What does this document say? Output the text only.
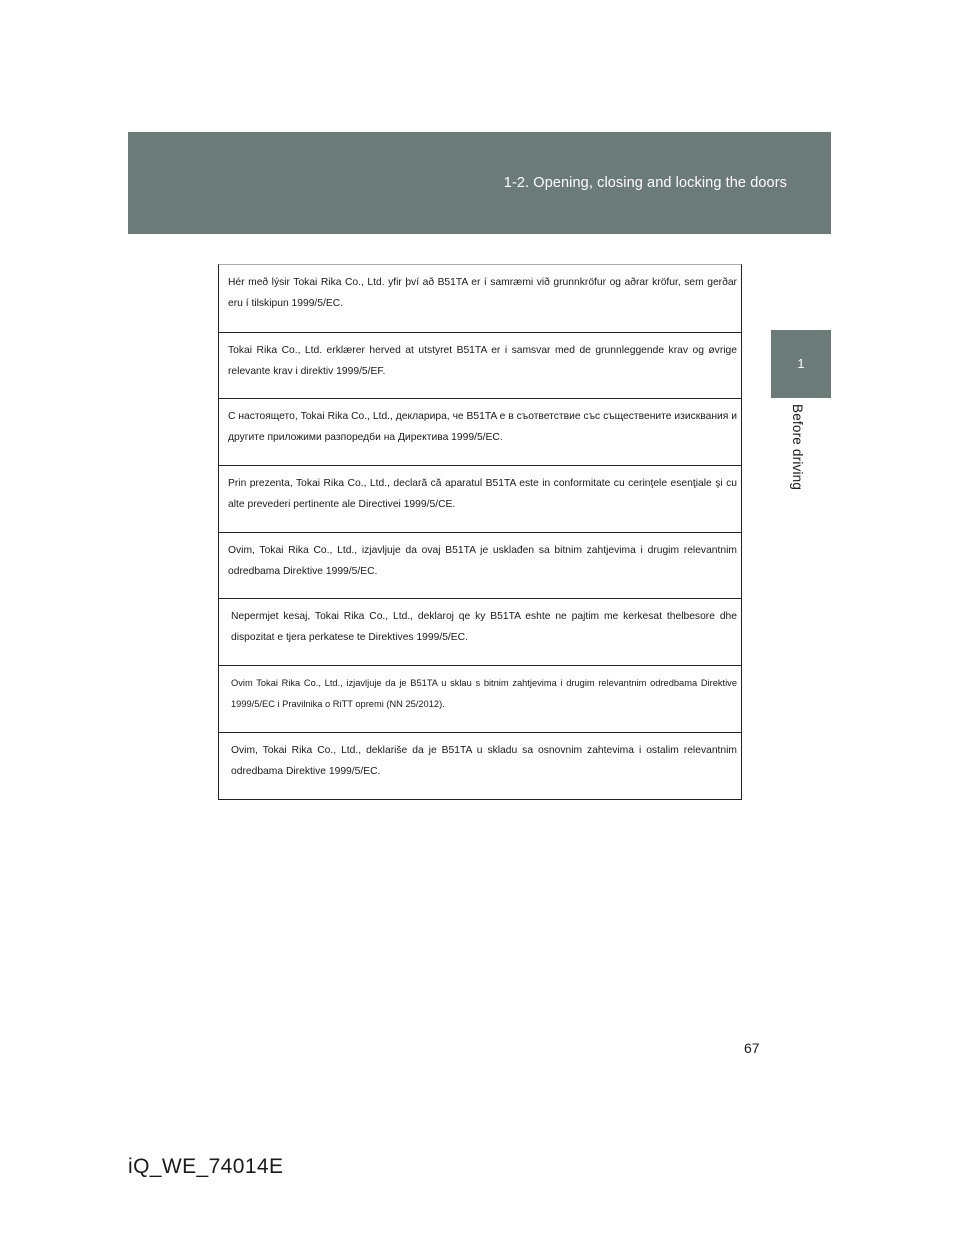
1-2. Opening, closing and locking the doors
1
Before driving
Hér með lýsir Tokai Rika Co., Ltd. yfir því að B51TA er í samræmi við grunnkröfur og aðrar kröfur, sem gerðar eru í tilskipun 1999/5/EC.
Tokai Rika Co., Ltd. erklærer herved at utstyret B51TA er i samsvar med de grunnleggende krav og øvrige relevante krav i direktiv 1999/5/EF.
С настоящето, Tokai Rika Co., Ltd., декларира, че B51TA е в съответствие със съществените изисквания и другите приложими разпоредби на Директива 1999/5/EC.
Prin prezenta, Tokai Rika Co., Ltd., declară că aparatul B51TA este in conformitate cu cerinţele esenţiale şi cu alte prevederi pertinente ale Directivei 1999/5/CE.
Ovim, Tokai Rika Co., Ltd., izjavljuje da ovaj B51TA je usklađen sa bitnim zahtjevima i drugim relevantnim odredbama Direktive 1999/5/EC.
Nepermjet kesaj, Tokai Rika Co., Ltd., deklaroj qe ky B51TA eshte ne pajtim me kerkesat thelbesore dhe dispozitat e tjera perkatese te Direktives 1999/5/EC.
Ovim Tokai Rika Co., Ltd., izjavljuje da je B51TA u sklau s bitnim zahtjevima i drugim relevantnim odredbama Direktive 1999/5/EC i Pravilnika o RiTT opremi (NN 25/2012).
Ovim, Tokai Rika Co., Ltd., deklariše da je B51TA u skladu sa osnovnim zahtevima i ostalim relevantnim odredbama Direktive 1999/5/EC.
67
iQ_WE_74014E
